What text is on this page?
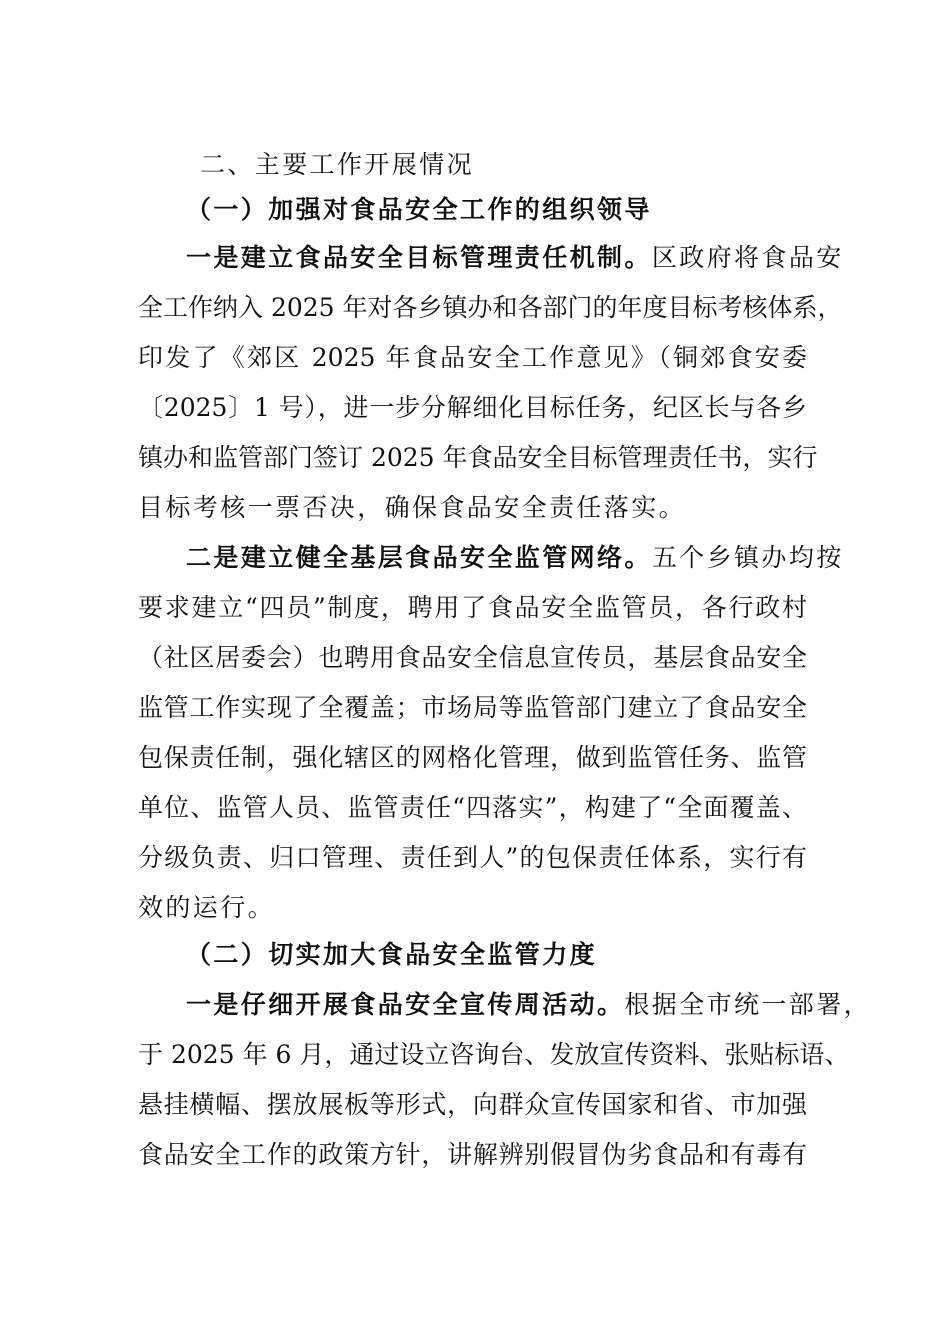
二、主要工作开展情况
（一）加强对食品安全工作的组织领导
一是建立食品安全目标管理责任机制。区政府将食品安
全工作纳入 2025 年对各乡镇办和各部门的年度目标考核体系，
印发了《郊区 2025 年食品安全工作意见》（铜郊食安委
〔2025〕1 号），进一步分解细化目标任务，纪区长与各乡
镇办和监管部门签订 2025 年食品安全目标管理责任书，实行
目标考核一票否决，确保食品安全责任落实。
二是建立健全基层食品安全监管网络。五个乡镇办均按
要求建立“四员”制度，聘用了食品安全监管员，各行政村
（社区居委会）也聘用食品安全信息宣传员，基层食品安全
监管工作实现了全覆盖；市场局等监管部门建立了食品安全
包保责任制，强化辖区的网格化管理，做到监管任务、监管
单位、监管人员、监管责任“四落实”，构建了“全面覆盖、
分级负责、归口管理、责任到人”的包保责任体系，实行有
效的运行。
（二）切实加大食品安全监管力度
一是仔细开展食品安全宣传周活动。根据全市统一部署，
于 2025 年 6 月，通过设立咨询台、发放宣传资料、张贴标语、
悬挂横幅、摆放展板等形式，向群众宣传国家和省、市加强
食品安全工作的政策方针，讲解辨别假冒伪劣食品和有毒有
